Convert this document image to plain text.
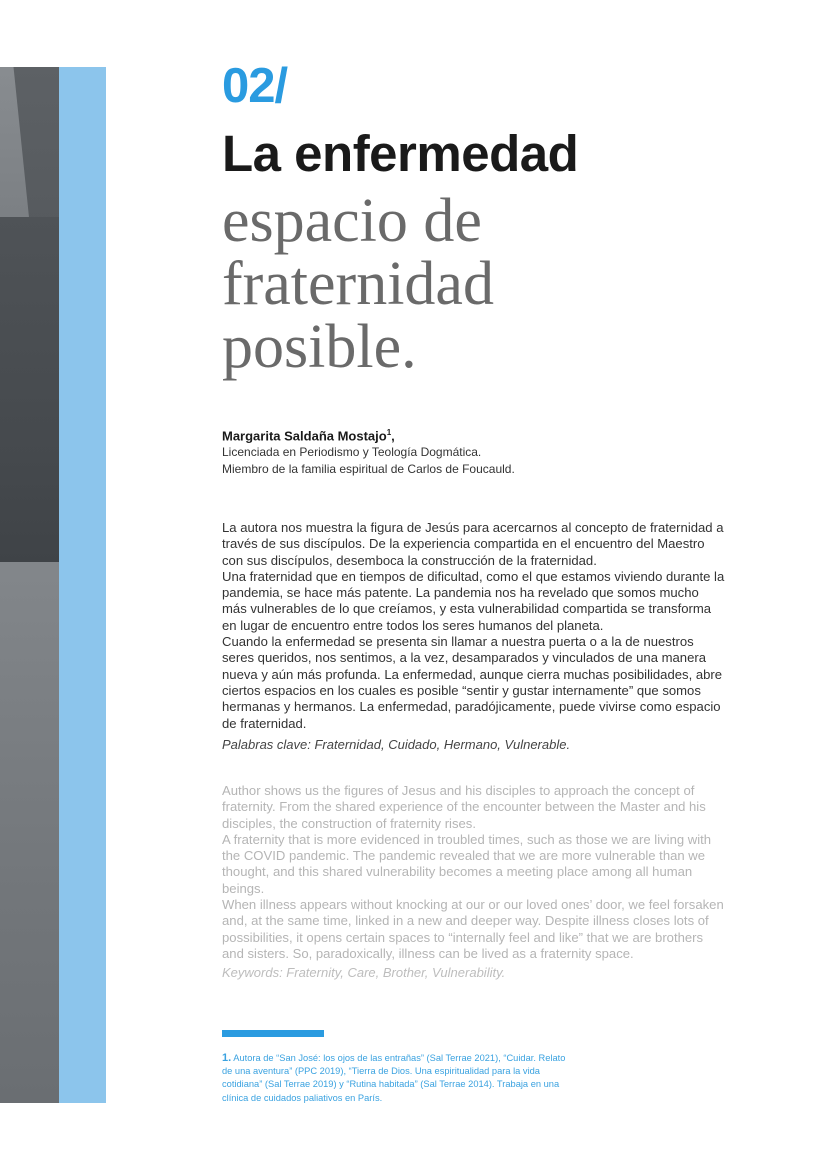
02/
La enfermedad
espacio de
fraternidad
posible.
Margarita Saldaña Mostajo$^1$,
Licenciada en Periodismo y Teología Dogmática.
Miembro de la familia espiritual de Carlos de Foucauld.

La autora nos muestra la figura de Jesús para acercarnos al concepto de fraternidad a través de sus discípulos. De la experiencia compartida en el encuentro del Maestro con sus discípulos, desemboca la construcción de la fraternidad.

Una fraternidad que en tiempos de dificultad, como el que estamos viviendo durante la pandemia, se hace más patente. La pandemia nos ha revelado que somos mucho más vulnerables de lo que creíamos, y esta vulnerabilidad compartida se transforma en lugar de encuentro entre todos los seres humanos del planeta.

Cuando la enfermedad se presenta sin llamar a nuestra puerta o a la de nuestros seres queridos, nos sentimos, a la vez, desamparados y vinculados de una manera nueva y aún más profunda. La enfermedad, aunque cierra muchas posibilidades, abre ciertos espacios en los cuales es posible “sentir y gustar internamente” que somos hermanas y hermanos. La enfermedad, paradójicamente, puede vivirse como espacio de fraternidad.

Palabras clave: Fraternidad, Cuidado, Hermano, Vulnerable.

Author shows us the figures of Jesus and his disciples to approach the concept of fraternity. From the shared experience of the encounter between the Master and his disciples, the construction of fraternity rises.

A fraternity that is more evidenced in troubled times, such as those we are living with the COVID pandemic. The pandemic revealed that we are more vulnerable than we thought, and this shared vulnerability becomes a meeting place among all human beings.

When illness appears without knocking at our or our loved ones’ door, we feel forsaken and, at the same time, linked in a new and deeper way. Despite illness closes lots of possibilities, it opens certain spaces to “internally feel and like” that we are brothers and sisters. So, paradoxically, illness can be lived as a fraternity space.

Keywords: Fraternity, Care, Brother, Vulnerability.
1. Autora de “San José: los ojos de las entrañas” (Sal Terrae 2021), “Cuidar. Relato de una aventura” (PPC 2019), “Tierra de Dios. Una espiritualidad para la vida cotidiana” (Sal Terrae 2019) y “Rutina habitada” (Sal Terrae 2014). Trabaja en una clínica de cuidados paliativos en París.
